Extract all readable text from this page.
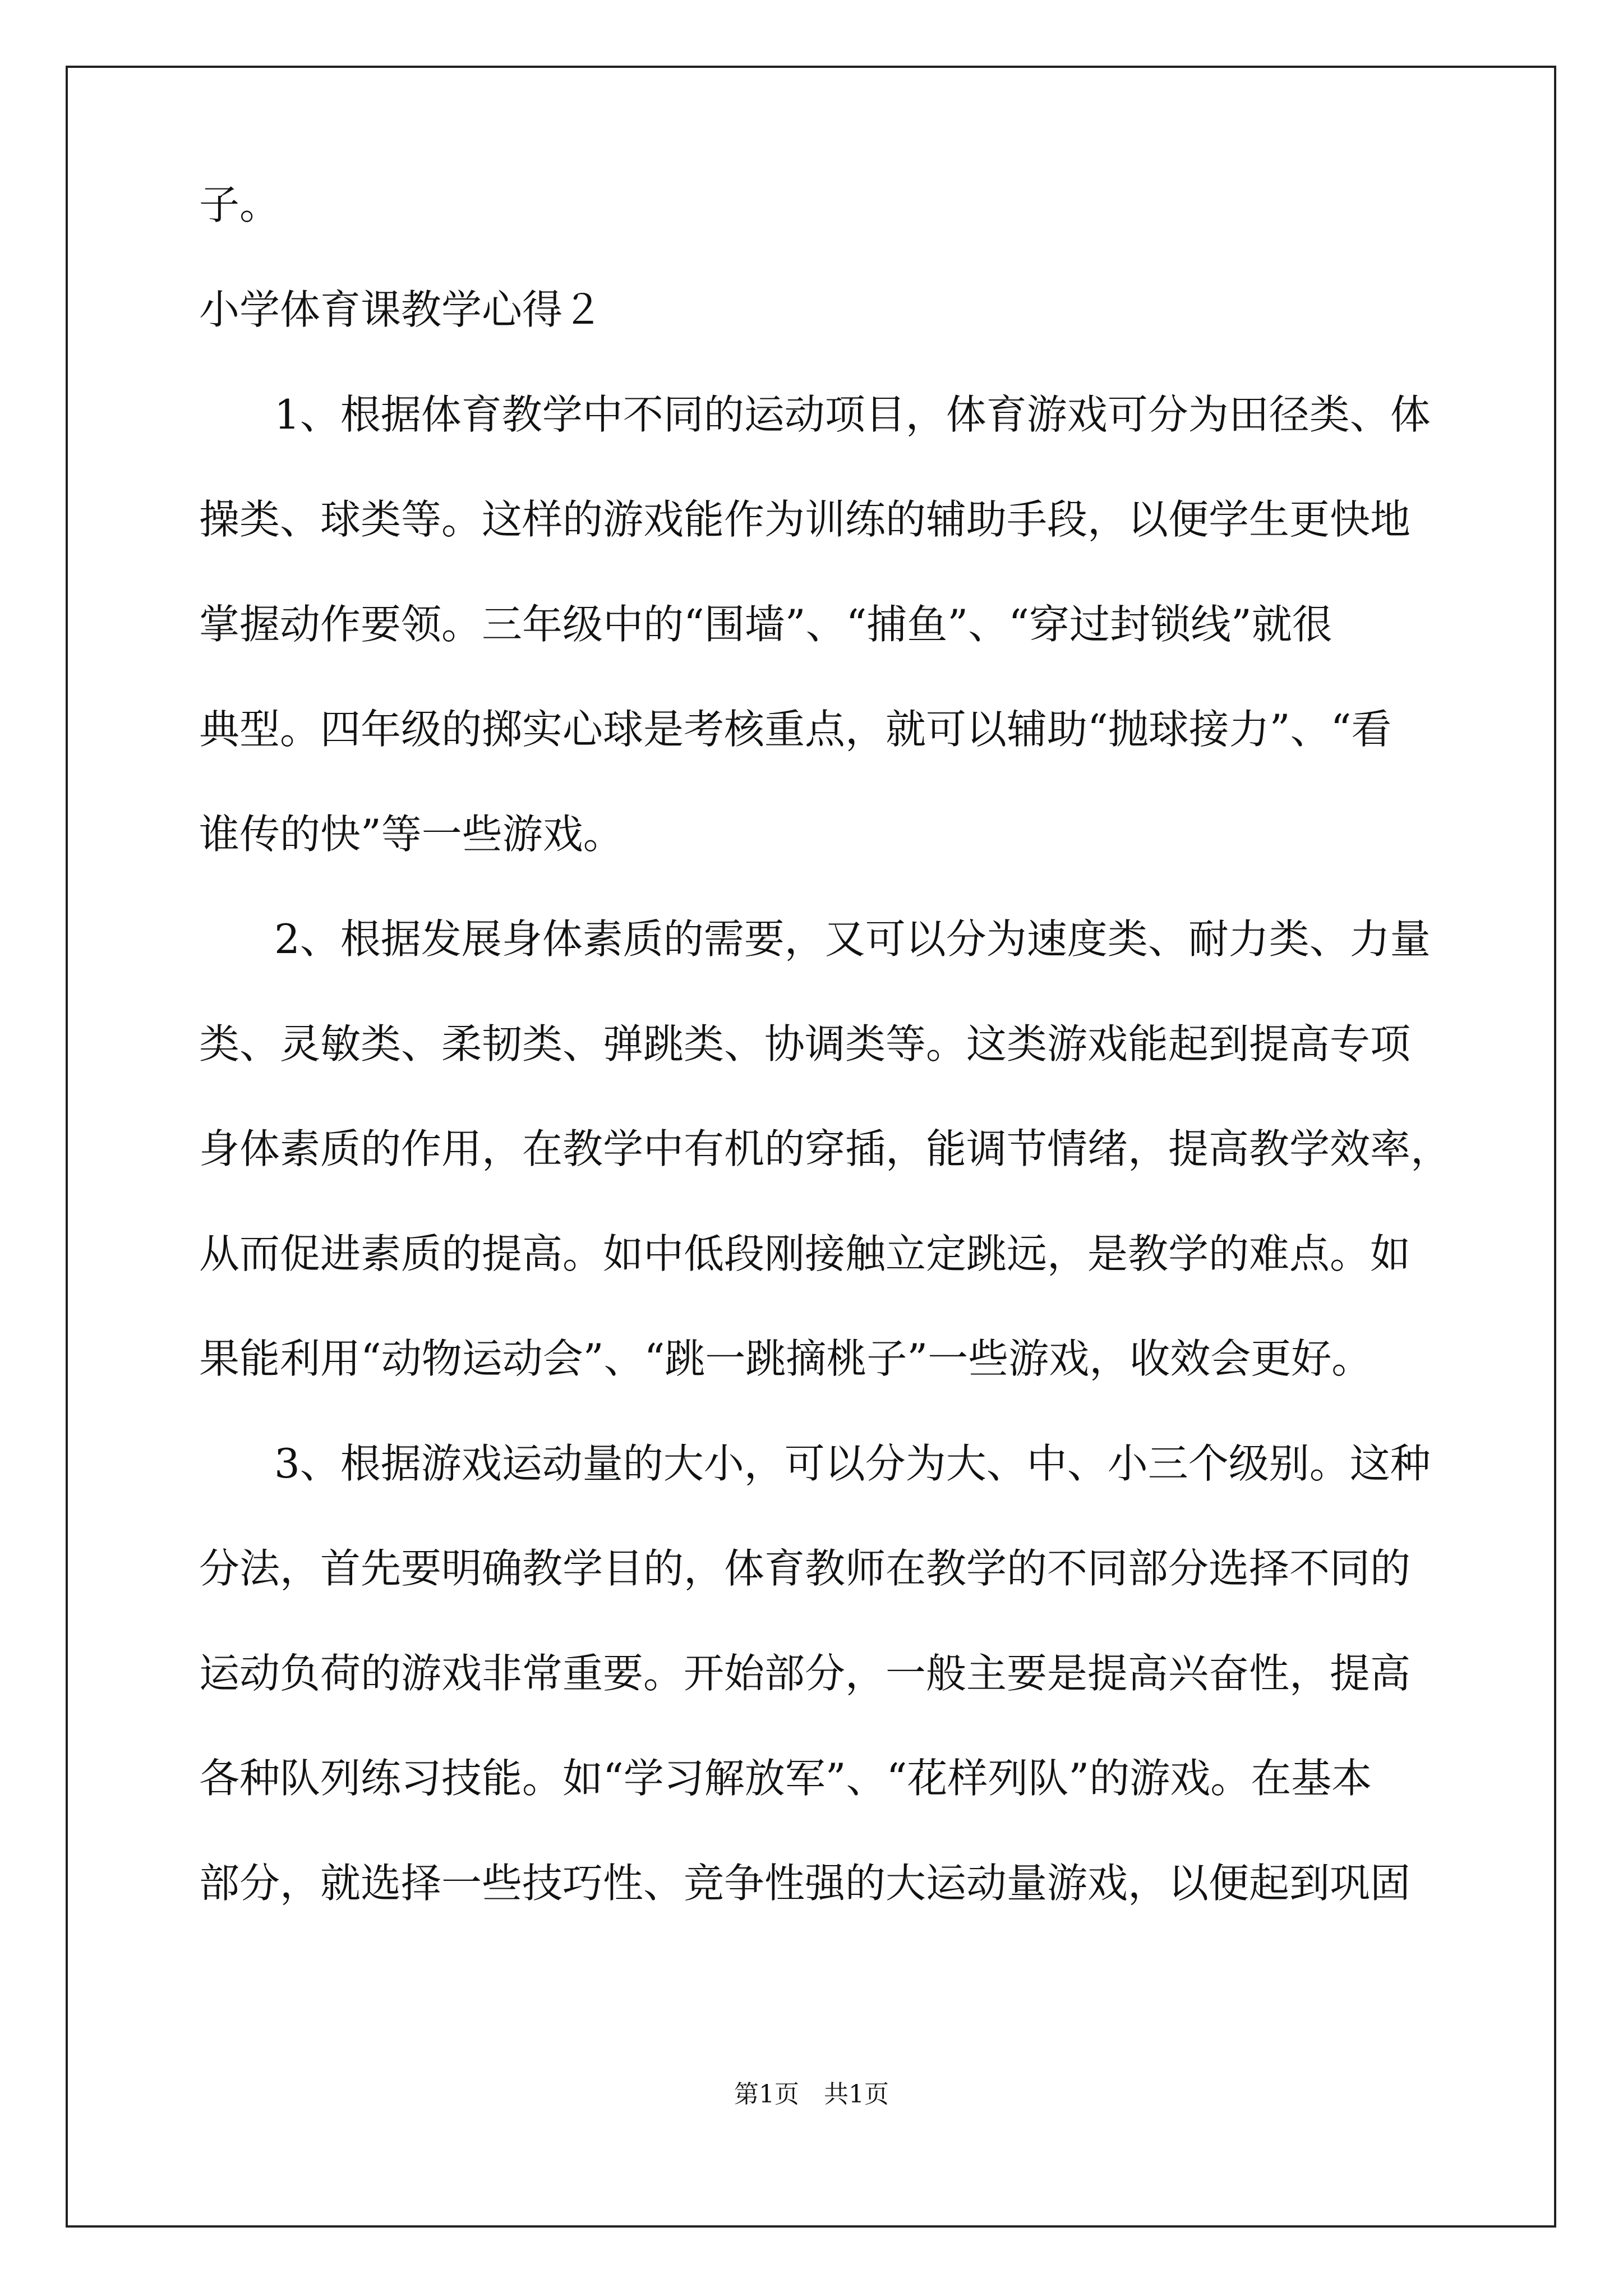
子。

小学体育课教学心得２

1、根据体育教学中不同的运动项目，体育游戏可分为田径类、体

操类、球类等。这样的游戏能作为训练的辅助手段，以便学生更快地

掌握动作要领。三年级中的“围墙”、“捕鱼”、“穿过封锁线”就很

典型。四年级的掷实心球是考核重点，就可以辅助“抛球接力”、“看

谁传的快”等一些游戏。

2、根据发展身体素质的需要，又可以分为速度类、耐力类、力量

类、灵敏类、柔韧类、弹跳类、协调类等。这类游戏能起到提高专项

身体素质的作用，在教学中有机的穿插，能调节情绪，提高教学效率，

从而促进素质的提高。如中低段刚接触立定跳远，是教学的难点。如

果能利用“动物运动会”、“跳一跳摘桃子”一些游戏，收效会更好。

3、根据游戏运动量的大小，可以分为大、中、小三个级别。这种

分法，首先要明确教学目的，体育教师在教学的不同部分选择不同的

运动负荷的游戏非常重要。开始部分，一般主要是提高兴奋性，提高

各种队列练习技能。如“学习解放军”、“花样列队”的游戏。在基本

部分，就选择一些技巧性、竞争性强的大运动量游戏，以便起到巩固

第1页　共1页
